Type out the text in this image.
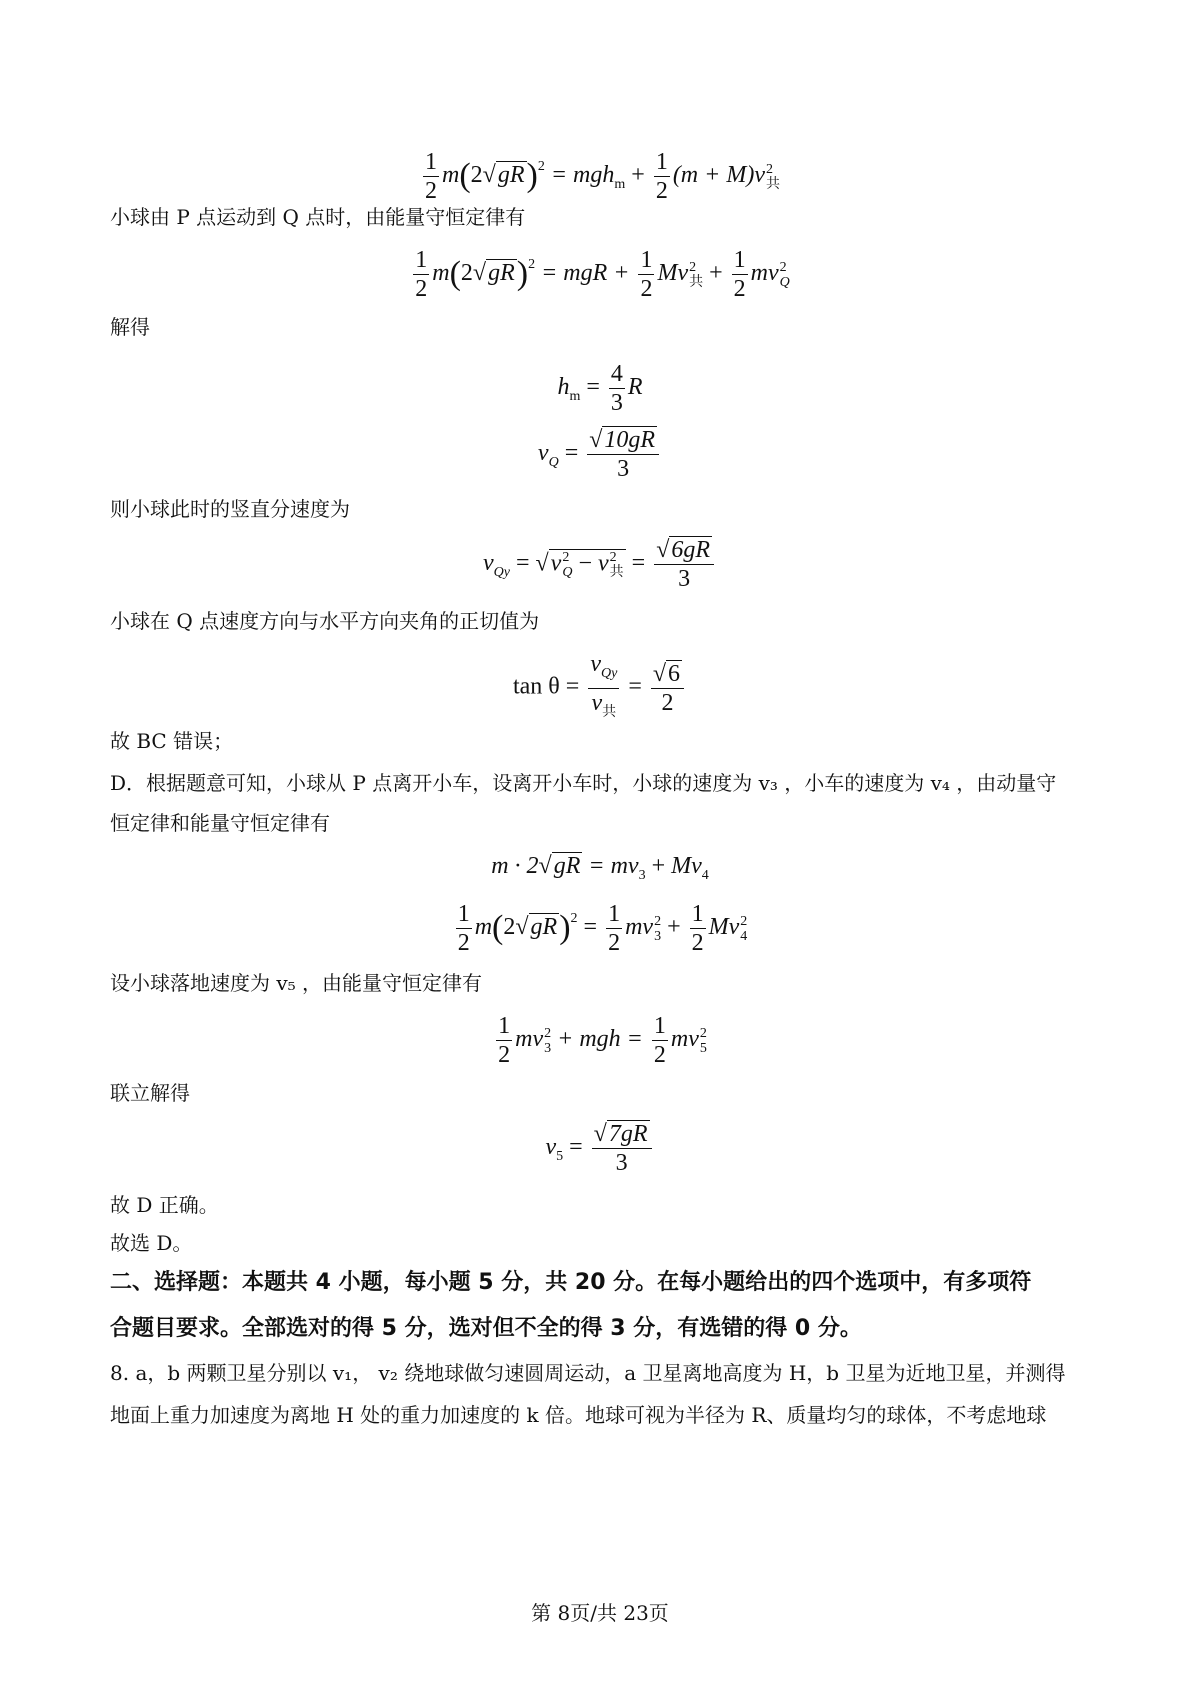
$\frac{1}{2} m(2√gR)^2 = mgh_m + \frac{1}{2} (m + M)v$ 2
共
小球由 P 点运动到 Q 点时，由能量守恒定律有
$\frac{1}{2} m(2√gR)^2$ = mgR + $\frac{1}{2}$ Mv 2
共 + $\frac{1}{2}$ mv 2
Q
解得
$h_m = \frac{4}{3}$ R
$v_Q = \frac{√10gR}{3}$
则小球此时的竖直分速度为
$v_{Qy} = √v$ 2
Q − v 2
共 = $\frac{√6gR}{3}$
小球在 Q 点速度方向与水平方向夹角的正切值为
$\tan \theta = \frac{v_{Qy}}{v_共} = \frac{√6}{2}$
故 BC 错误；
D．根据题意可知，小球从 P 点离开小车，设离开小车时，小球的速度为 v₃ ，小车的速度为 v₄ ，由动量守
恒定律和能量守恒定律有
$m \cdot 2√gR = mv_3 + Mv_4$
$\frac{1}{2} m(2√gR)^2 = \frac{1}{2}$ mv 2
$3 + \frac{1}{2}$ Mv 2
4
设小球落地速度为 v₅ ，由能量守恒定律有
$\frac{1}{2}$ mv 2
3 + mgh = $\frac{1}{2}$ mv 2
5
联立解得
$v_5 = \frac{√7gR}{3}$
故 D 正确。
故选 D。
二、选择题：本题共 4 小题，每小题 5 分，共 20 分。在每小题给出的四个选项中，有多项符
合题目要求。全部选对的得 5 分，选对但不全的得 3 分，有选错的得 0 分。
8. a，b 两颗卫星分别以 v₁， v₂ 绕地球做匀速圆周运动，a 卫星离地高度为 H，b 卫星为近地卫星，并测得
地面上重力加速度为离地 H 处的重力加速度的 k 倍。地球可视为半径为 R、质量均匀的球体，不考虑地球
第 8页/共 23页
